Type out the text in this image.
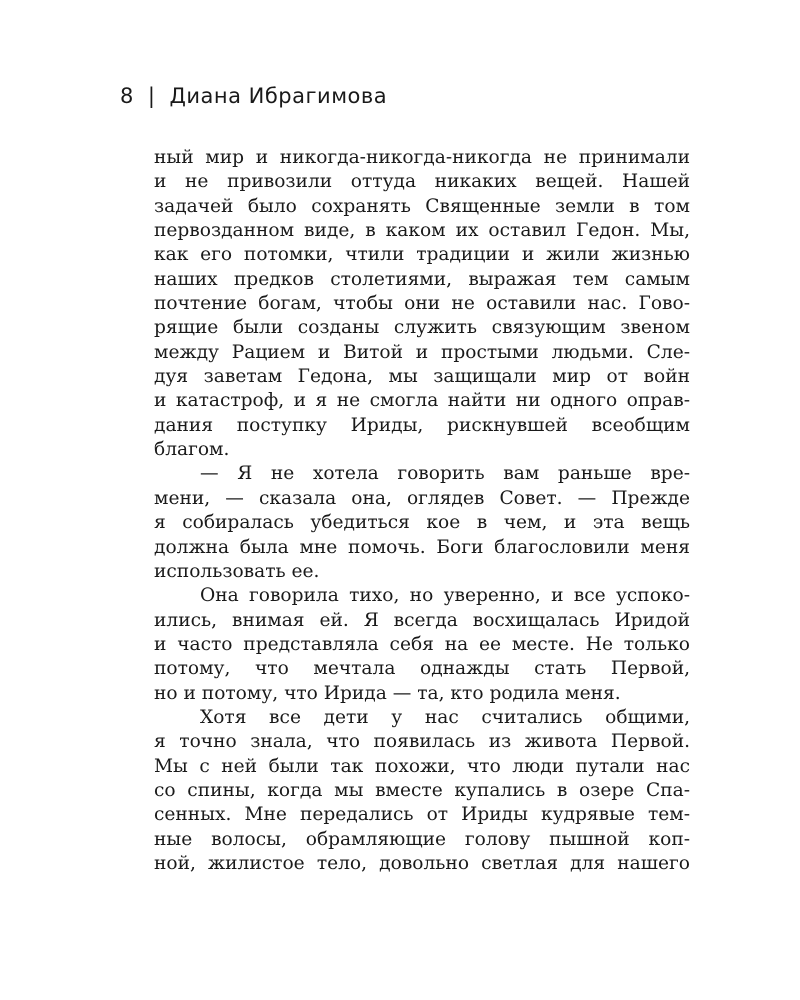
8 | Диана Ибрагимова
ный мир и никогда-никогда-никогда не принимали
и не привозили оттуда никаких вещей. Нашей
задачей было сохранять Священные земли в том
первозданном виде, в каком их оставил Гедон. Мы,
как его потомки, чтили традиции и жили жизнью
наших предков столетиями, выражая тем самым
почтение богам, чтобы они не оставили нас. Гово-
рящие были созданы служить связующим звеном
между Рацием и Витой и простыми людьми. Сле-
дуя заветам Гедона, мы защищали мир от войн
и катастроф, и я не смогла найти ни одного оправ-
дания поступку Ириды, рискнувшей всеобщим
благом.
— Я не хотела говорить вам раньше вре-
мени, — сказала она, оглядев Совет. — Прежде
я собиралась убедиться кое в чем, и эта вещь
должна была мне помочь. Боги благословили меня
использовать ее.
Она говорила тихо, но уверенно, и все успоко-
ились, внимая ей. Я всегда восхищалась Иридой
и часто представляла себя на ее месте. Не только
потому, что мечтала однажды стать Первой,
но и потому, что Ирида — та, кто родила меня.
Хотя все дети у нас считались общими,
я точно знала, что появилась из живота Первой.
Мы с ней были так похожи, что люди путали нас
со спины, когда мы вместе купались в озере Спа-
сенных. Мне передались от Ириды кудрявые тем-
ные волосы, обрамляющие голову пышной коп-
ной, жилистое тело, довольно светлая для нашего
